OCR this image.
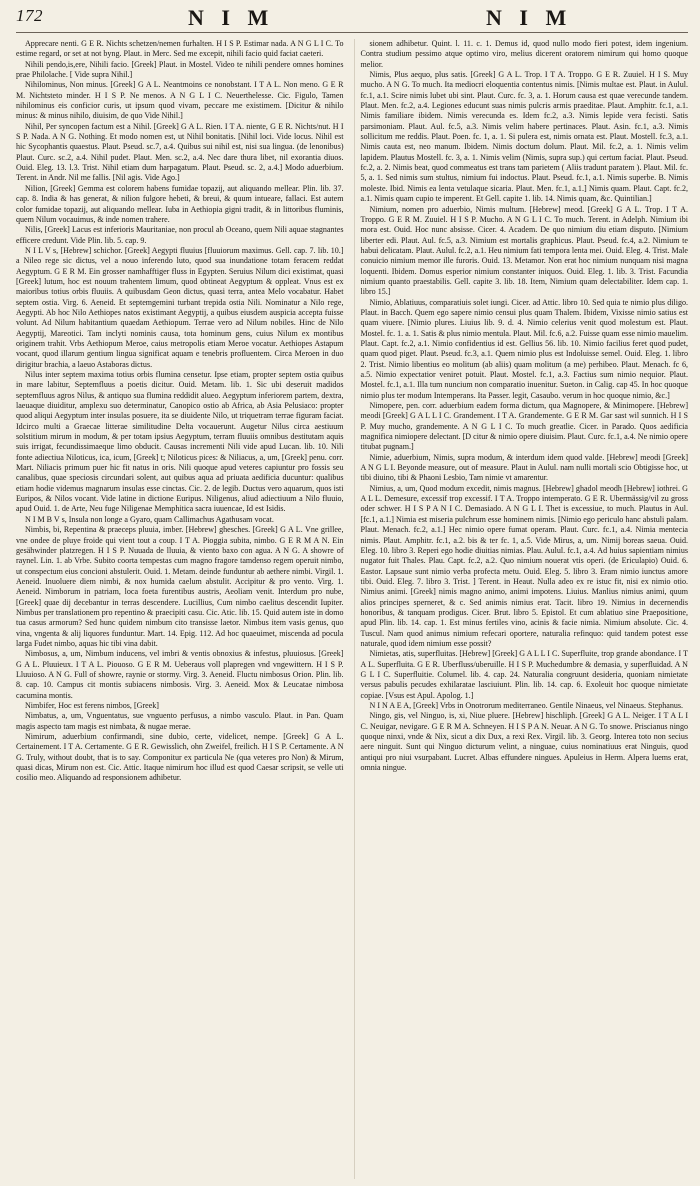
172	N I M	N I M

Apprecare nenti. G E R. Nichts schetzen/nemen furhalten. H I S P. Estimar nada. A N G L I C. To estime regard, or set at not byng. Plaut. in Merc. Sed me excepit, nihili facio quid faciat caeteri.

Nihili pendo,is,ere, Nihili facio. [Greek] Plaut. in Mostel. Video te nihili pendere omnes homines prae Philolache. [ Vide supra Nihil.]

Nihilominus, Non minus. [Greek] G A L. Neantmoins ce nonobstant. I T A L. Non meno. G E R M. Nichtsteto minder. H I S P. Ne menos. A N G L I C. Neuerthelesse. Cic. Figulo, Tamen nihilominus eis conficior curis, ut ipsum quod vivam, peccare me existimem. [Dicitur & nihilo minus: & minus nihilo, diuisim, de quo Vide Nihil.]

Nihil, Per syncopen factum est a Nihil. [Greek] G A L. Rien. I T A. niente, G E R. Nichts/nut. H I S P. Nada. A N G. Nothing. Et modo nomen est, ut Nihil bonitatis. [Nihil loci. Vide locus. Nihil est hic Sycophantis quaestus. Plaut. Pseud. sc.7, a.4. Quibus sui nihil est, nisi sua lingua. (de lenonibus) Plaut. Curc. sc.2, a.4. Nihil pudet. Plaut. Men. sc.2, a.4. Nec dare thura libet, nil exorantia diuos. Ouid. Eleg. 13. l.3. Trist. Nihil etiam dum harpagatum. Plaut. Pseud. sc. 2, a.4.] Modo aduerbium. Terent. in Andr. Nil me fallis. [Nil agis. Vide Ago.]

Nilion, [Greek] Gemma est colorem habens fumidae topazij, aut aliquando mellear. Plin. lib. 37. cap. 8. India & has generat, & nilion fulgore hebeti, & breui, & quum intueare, fallaci. Est autem color fumidae topazij, aut aliquando mellear. Iuba in Aethiopia gigni tradit, & in littoribus fluminis, quem Nilum vocauimus, & inde nomen trahere.

Nilis, [Greek] Lacus est inferioris Mauritaniae, non procul ab Oceano, quem Nili aquae stagnantes efficere credunt. Vide Plin. lib. 5. cap. 9.

N I L V s, [Hebrew] schichor. [Greek] Aegypti fluuius [fluuiorum maximus. Gell. cap. 7. lib. 10.] a Nileo rege sic dictus, vel a nouo inferendo luto, quod sua inundatione totam feracem reddat Aegyptum. G E R M. Ein grosser namhafftiger fluss in Egypten. Seruius Nilum dici existimat, quasi [Greek] lutum, hoc est nouum trahentem limum, quod obtineat Aegyptum & oppleat. Vnus est ex maioribus totius orbis fluuiis. A quibusdam Geon dictus, quasi terra, antea Melo vocabatur. Habet septem ostia. Virg. 6. Aeneid. Et septemgemini turbant trepida ostia Nili. Nominatur a Nilo rege, Aegypti. Ab hoc Nilo Aethiopes natos existimant Aegyptij, a quibus eiusdem auspicia accepta fuisse volunt. Ad Nilum habitantium quaedam Aethiopum. Terrae vero ad Nilum nobiles. Hinc de Nilo Aegyptij, Mareotici. Tam inclyti nominis causa, tota hominum gens, cuius Nilum ex montibus originem trahit. Vrbs Aethiopum Meroe, caius metropolis etiam Meroe vocatur. Aethiopes Astapum vocant, quod illarum gentium lingua significat aquam e tenebris profluentem. Circa Meroen in duo dirigitur brachia, a laeuo Astaboras dictus.

Nilus inter septem maxima totius orbis flumina censetur. Ipse etiam, propter septem ostia quibus in mare labitur, Septemfluus a poetis dicitur. Ouid. Metam. lib. 1. Sic ubi deseruit madidos septemfluus agros Nilus, & antiquo sua flumina reddidit alueo. Aegyptum inferiorem partem, dextra, laeuaque diuiditur, amplexu suo determinatur, Canopico ostio ab Africa, ab Asia Pelusiaco: propter quod aliqui Aegyptum inter insulas posuere, ita se diuidente Nilo, ut triquetram terrae figuram faciat. Idcirco multi a Graecae litterae similitudine Delta vocauerunt. Augetur Nilus circa aestiuum solstitium mirum in modum, & per totam ipsius Aegyptum, terram fluuiis omnibus destitutam aquis suis irrigat, fecundissimaeque limo obducit. Causas incrementi Nili vide apud Lucan. lib. 10. Nili fonte adiectiua Niloticus, ica, icum, [Greek] t; Niloticus pices: & Niliacus, a, um, [Greek] penu. corr. Mart. Niliacis primum puer hic fit natus in oris. Nili quoque apud veteres capiuntur pro fossis seu canalibus, quae speciosis circundari solent, aut quibus aqua ad priuata aedificia ducuntur: qualibus etiam hodie videmus magnarum insulas esse cinctas. Cic. 2. de legib. Ductus vero aquarum, quos isti Euripos, & Nilos vocant. Vide latine in dictione Euripus. Niligenus, aliud adiectiuum a Nilo fluuio, apud Ouid. 1. de Arte, Neu fuge Niligenae Memphitica sacra iuuencae, Id est Isidis.

N I M B V s, Insula non longe a Gyaro, quam Callimachus Agathusam vocat.

Nimbis, bi, Repentina & praeceps pluuia, imber. [Hebrew] ghesches. [Greek] G A L. Vne grillee, vne ondee de pluye froide qui vient tout a coup. I T A. Pioggia subita, nimbo. G E R M A N. Ein gesähwinder platzregen. H I S P. Nuuada de lluuia, & viento baxo con agua. A N G. A showre of raynel. Lin. 1. ab Vrbe. Subito coorta tempestas cum magno fragore tamdenso regem operuit nimbo, ut conspectum eius concioni abstulerit. Ouid. 1. Metam. deinde funduntur ab aethere nimbi. Virgil. 1. Aeneid. Inuoluere diem nimbi, & nox humida caelum abstulit. Accipitur & pro vento. Virg. 1. Aeneid. Nimborum in patriam, loca foeta furentibus austris, Aeoliam venit. Interdum pro nube, [Greek] quae dij decebantur in terras descendere. Lucillius, Cum nimbo caelitus descendit Iupiter. Nimbus per translationem pro repentino & praecipiti casu. Cic. Atic. lib. 15. Quid autem iste in domo tua casus armorum? Sed hunc quidem nimbum cito transisse laetor. Nimbus item vasis genus, quo vina, vngenta & alij liquores funduntur. Mart. 14. Epig. 112. Ad hoc quaeuimet, miscenda ad pocula larga Fudet nimbo, aquas hic tibi vina dabit.

Nimbosus, a, um, Nimbum inducens, vel imbri & ventis obnoxius & infestus, pluuiosus. [Greek] G A L. Pluuieux. I T A L. Piouoso. G E R M. Ueberaus voll plapregen vnd vngewittern. H I S P. Lluuioso. A N G. Full of showre, raynie or stormy. Virg. 3. Aeneid. Fluctu nimbosus Orion. Plin. lib. 8. cap. 10. Campus cit montis subiacens nimbosis. Virg. 3. Aeneid. Mox & Leucatae nimbosa cacumina montis.

Nimbifer, Hoc est ferens nimbos, [Greek]

Nimbatus, a, um, Vnguentatus, sue vnguento perfusus, a nimbo vasculo. Plaut. in Pan. Quam magis aspecto tam magis est nimbata, & nugae merae.

Nimirum, aduerbium confirmandi, sine dubio, certe, videlicet, nempe. [Greek] G A L. Certainement. I T A. Certamente. G E R. Gewisslich, ohn Zweifel, freilich. H I S P. Certamente. A N G. Truly, without doubt, that is to say. Componitur ex particula Ne (qua veteres pro Non) & Mirum, quasi dicas, Mirum non est. Cic. Attic. Itaque nimirum hoc illud est quod Caesar scripsit, se velle uti cosilio meo. Aliquando ad responsionem adhibetur.

sionem adhibetur. Quint. l. 11. c. 1. Demus id, quod nullo modo fieri potest, idem ingenium. Contra studium pessimo atque optimo viro, melius dicerent oratorem nimirum qui homo quoque melior.

Nimis, Plus aequo, plus satis. [Greek] G A L. Trop. I T A. Troppo. G E R. Zuuiel. H I S. Muy mucho. A N G. To much. Ita mediocri eloquentia contentus nimis. [Nimis multae est. Plaut. in Aulul. fc.1, a.1. Scire nimis lubet ubi sint. Plaut. Curc. fc. 3, a. 1. Horum causa est quae verecunde tandem. Plaut. Men. fc.2, a.4. Legiones educunt suas nimis pulcris armis praeditae. Plaut. Amphitr. fc.1, a.1. Nimis familiare ibidem. Nimis verecunda es. Idem fc.2, a.3. Nimis lepide vera fecisti. Satis parsimoniam. Plaut. Aul. fc.5, a.3. Nimis velim habere pertinaces. Plaut. Asin. fc.1, a.3. Nimis sollicitum me reddis. Plaut. Poen. fc. 1, a. 1. Si pulera est, nimis ornata est. Plaut. Mostell. fc.3, a.1. Nimis cauta est, neo manum. Ibidem. Nimis doctum dolum. Plaut. Mil. fc.2, a. 1. Nimis velim lapidem. Plautus Mostell. fc. 3, a. 1. Nimis velim (Nimis, supra sup.) qui certum faciat. Plaut. Pseud. fc.2, a. 2. Nimis beat, quod commeatus est trans tam parietem ( Aliis tradunt paratem ). Plaut. Mil. fc. 5, a. 1. Sed nimis sum stultus, nimium fui indoctus. Plaut. Pseud. fc.1, a.1. Nimis superbe. B. Nimis moleste. Ibid. Nimis ea lenta vetulaque sicaria. Plaut. Men. fc.1, a.1.] Nimis quam. Plaut. Capt. fc.2, a.1. Nimis quam cupio te imperent. Et Gell. capite 1. lib. 14. Nimis quam, &c. Quintilian.]

Nimium, nomen pro aduerbio, Nimis multum. [Hebrew] meod. [Greek] G A L. Trop. I T A. Troppo. G E R M. Zuuiel. H I S P. Mucho. A N G L I C. To much. Terent. in Adelph. Nimium ibi mora est. Ouid. Hoc nunc absisse. Cicer. 4. Academ. De quo nimium diu etiam disputo. [Nimium liberter edi. Plaut. Aul. fc.5, a.3. Nimium est mortalis graphicus. Plaut. Pseud. fc.4, a.2. Nimium te habui delicatam. Plaut. Aulul. fc.2, a.1. Heu nimium fati tempora lenta mei. Ouid. Eleg. 4. Trist. Male conuicio nimium memor ille furoris. Ouid. 13. Metamor. Non erat hoc nimium nunquam nisi magna loquenti. Ibidem. Domus esperior nimium constanter iniquos. Ouid. Eleg. 1. lib. 3. Trist. Facundia nimium quanto praestabilis. Gell. capite 3. lib. 18. Item, Nimium quam delectabiliter. Idem cap. 1. libro 15.]

Nimio, Ablatiuus, comparatiuis solet iungi. Cicer. ad Attic. libro 10. Sed quia te nimio plus diligo. Plaut. in Bacch. Quem ego sapere nimio censui plus quam Thalem. Ibidem, Vixisse nimio satius est quam viuere. [Nimio plures. Liuius lib. 9. d. 4. Nimio celerius venit quod molestum est. Plaut. Mostel. fc. 1. a. 1. Satis & plus nimio mentula. Plaut. Mil. fc.6, a.2. Fuisse quam esse nimio mauelim. Plaut. Capt. fc.2, a.1. Nimio confidentius id est. Gellius 56. lib. 10. Nimio facilius feret quod pudet, quam quod piget. Plaut. Pseud. fc.3, a.1. Quem nimio plus est Indoluisse semel. Ouid. Eleg. 1. libro 2. Trist. Nimio libentius eo molitum (ab aliis) quam molitum (a me) perhibeo. Plaut. Menach. fc 6, a.5. Nimio expectatior veniret potuit. Plaut. Mostel. fc.1, a.3. Factius sum nimio nequior. Plaut. Mostel. fc.1, a.1. Illa tum nuncium non comparatio inuenitur. Sueton. in Calig. cap 45. In hoc quoque nimio plus ter modum Intemperans. Ita Passer. legit, Casaubo. verum in hoc quoque nimio, &c.]

Nimopere, pen. corr. aduerbium eadem forma dictum, qua Magnopere, & Minimopere. [Hebrew] meodi [Greek] G A L L I C. Grandement. I T A. Grandemente. G E R M. Gar sast wil sunnich. H I S P. Muy mucho, grandemente. A N G L I C. To much greatlie. Cicer. in Parado. Quos aedificia magnifica nimiopere delectant. [D citur & nimio opere diuisim. Plaut. Curc. fc.1, a.4. Ne nimio opere titubat pugnam.]

Nimie, aduerbium, Nimis, supra modum, & interdum idem quod valde. [Hebrew] meodi [Greek] A N G L I. Beyonde measure, out of measure. Plaut in Aulul. nam nulli mortali scio Obtigisse hoc, ut tibi diuino, tibi & Phaoni Lesbio, Tam nimie vt amarentur.

Nimius, a, um, Quod modum excedit, nimis magnus. [Hebrew] ghadol meodh [Hebrew] iothrei. G A L L. Demesure, excessif trop excessif. I T A. Troppo intemperato. G E R. Ubermässig/vil zu gross oder schwer. H I S P A N I C. Demasiado. A N G L I. Thet is excessiue, to much. Plautus in Aul. [fc.1, a.1.] Nimia est miseria pulchrum esse hominem nimis. [Nimio ego periculo hanc abstuli palam. Plaut. Menach. fc.2, a.1.] Hec nimio opere fumat operam. Plaut. Curc. fc.1, a.4. Nimia mentecia nimis. Plaut. Amphitr. fc.1, a.2. bis & ter fc. 1, a.5. Vide Mirus, a, um. Nimij boreas saeua. Ouid. Eleg. 10. libro 3. Reperi ego hodie diuitias nimias. Plau. Aulul. fc.1, a.4. Ad huius sapientiam nimius nugator fuit Thales. Plau. Capt. fc.2, a.2. Quo nimium nouerat vtis operi. (de Ericulapio) Ouid. 6. Eastor. Lapsaue sunt nimio verba profecta metu. Ouid. Eleg. 5. libro 3. Eram nimio iunctus amore tibi. Ouid. Eleg. 7. libro 3. Trist. ] Terent. in Heaut. Nulla adeo ex re istuc fit, nisi ex nimio otio. Nimius animi. [Greek] nimis magno animo, animi impotens. Liuius. Manlius nimius animi, quum alios principes sperneret, & c. Sed animis nimius erat. Tacit. libro 19. Nimius in decernendis honoribus, & tanquam prodigus. Cicer. Brut. libro 5. Epistol. Et cum ablatiuo sine Praepositione, apud Plin. lib. 14. cap. 1. Est minus fertiles vino, acinis & facie nimia. Nimium absolute. Cic. 4. Tuscul. Nam quod animus nimium refecari oportere, naturalia refinquo: quid tandem potest esse naturale, quod idem nimium esse possit?

Nimietas, atis, superfluitas. [Hebrew] [Greek] G A L L I C. Superfluite, trop grande abondance. I T A L. Superfluita. G E R. Uberfluss/uberuille. H I S P. Muchedumbre & demasia, y superfluidad. A N G L I C. Superfluitie. Columel. lib. 4. cap. 24. Naturalia congruunt desideria, quoniam nimietate versus pabulis pecudes exhilaratae lasciuiunt. Plin. lib. 14. cap. 6. Exoleuit hoc quoque nimietate copiae. [Vsus est Apul. Apolog. 1.]

N I N A E A, [Greek] Vrbs in Onotrorum mediterraneo. Gentile Ninaeus, vel Ninaeus. Stephanus.

Ningo, gis, vel Ninguo, is, xi, Niue pluere. [Hebrew] hischliph. [Greek] G A L. Neiger. I T A L I C. Neuigar, nevigare. G E R M A. Schneyen. H I S P A N. Neuar. A N G. To snowe. Priscianus ningo quoque ninxi, vnde & Nix, sicut a dix Dux, a rexi Rex. Virgil. lib. 3. Georg. Interea toto non secius aere ninguit. Sunt qui Ninguo dicturum velint, a ninguae, cuius nominatiuus erat Ninguis, quod antiqui pro niui vsurpabant. Lucret. Albas effundere ningues. Apuleius in Herm. Alpera luems erat, omnia ningue.
